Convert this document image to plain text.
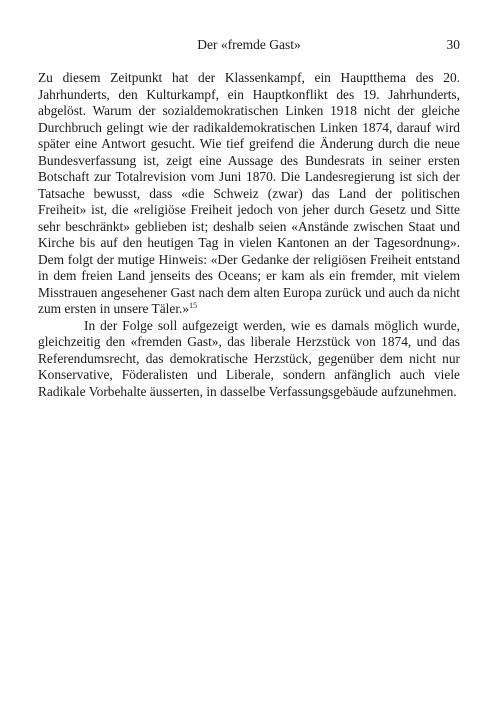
Der «fremde Gast»	30

Zu diesem Zeitpunkt hat der Klassenkampf, ein Hauptthema des 20. Jahrhunderts, den Kulturkampf, ein Hauptkonflikt des 19. Jahrhunderts, abgelöst. Warum der sozialdemokratischen Linken 1918 nicht der gleiche Durchbruch gelingt wie der radikaldemokratischen Linken 1874, darauf wird später eine Antwort gesucht. Wie tief greifend die Änderung durch die neue Bundesverfassung ist, zeigt eine Aussage des Bundesrats in seiner ersten Botschaft zur Totalrevision vom Juni 1870. Die Landesregierung ist sich der Tatsache bewusst, dass «die Schweiz (zwar) das Land der politischen Freiheit» ist, die «religiöse Freiheit jedoch von jeher durch Gesetz und Sitte sehr beschränkt» geblieben ist; deshalb seien «Anstände zwischen Staat und Kirche bis auf den heutigen Tag in vielen Kantonen an der Tagesordnung». Dem folgt der mutige Hinweis: «Der Gedanke der religiösen Freiheit entstand in dem freien Land jenseits des Oceans; er kam als ein fremder, mit vielem Misstrauen angesehener Gast nach dem alten Europa zurück und auch da nicht zum ersten in unsere Täler.»$^{15}$

In der Folge soll aufgezeigt werden, wie es damals möglich wurde, gleichzeitig den «fremden Gast», das liberale Herzstück von 1874, und das Referendumsrecht, das demokratische Herzstück, gegenüber dem nicht nur Konservative, Föderalisten und Liberale, sondern anfänglich auch viele Radikale Vorbehalte äusserten, in dasselbe Verfassungsgebäude aufzunehmen.
